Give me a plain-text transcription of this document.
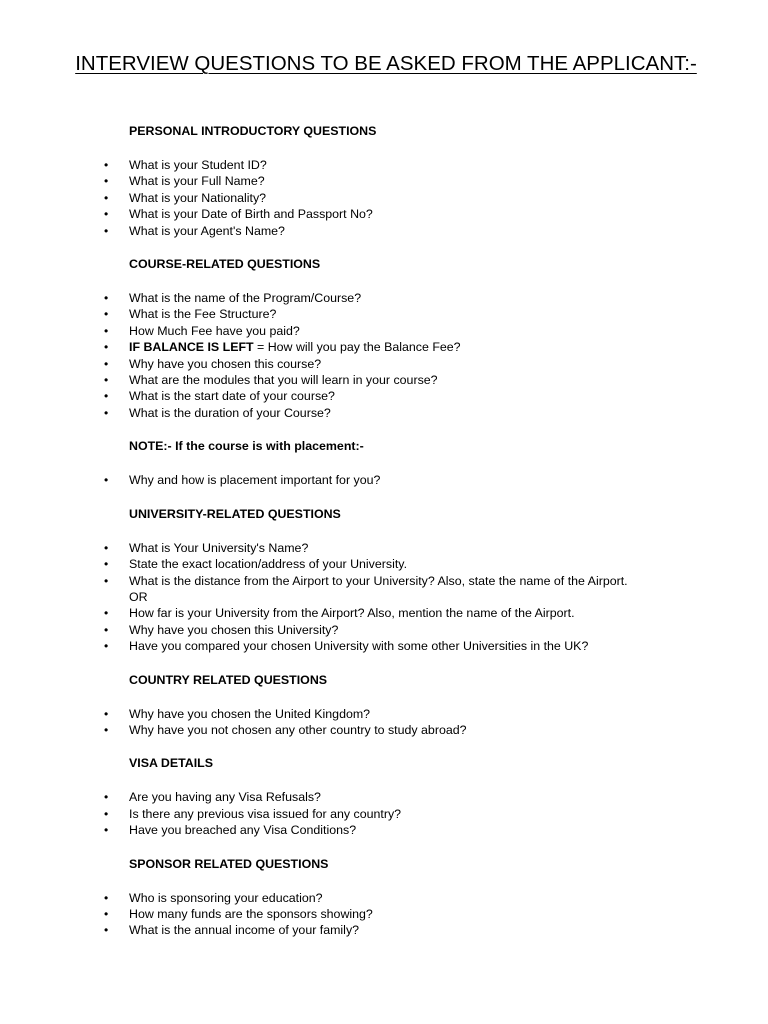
INTERVIEW QUESTIONS TO BE ASKED FROM THE APPLICANT:-
PERSONAL INTRODUCTORY QUESTIONS
• What is your Student ID?
• What is your Full Name?
• What is your Nationality?
• What is your Date of Birth and Passport No?
• What is your Agent's Name?
COURSE-RELATED QUESTIONS
• What is the name of the Program/Course?
• What is the Fee Structure?
• How Much Fee have you paid?
• IF BALANCE IS LEFT = How will you pay the Balance Fee?
• Why have you chosen this course?
• What are the modules that you will learn in your course?
• What is the start date of your course?
• What is the duration of your Course?
NOTE:- If the course is with placement:-
• Why and how is placement important for you?
UNIVERSITY-RELATED QUESTIONS
• What is Your University's Name?
• State the exact location/address of your University.
• What is the distance from the Airport to your University? Also, state the name of the Airport.
OR
• How far is your University from the Airport? Also, mention the name of the Airport.
• Why have you chosen this University?
• Have you compared your chosen University with some other Universities in the UK?
COUNTRY RELATED QUESTIONS
• Why have you chosen the United Kingdom?
• Why have you not chosen any other country to study abroad?
VISA DETAILS
• Are you having any Visa Refusals?
• Is there any previous visa issued for any country?
• Have you breached any Visa Conditions?
SPONSOR RELATED QUESTIONS
• Who is sponsoring your education?
• How many funds are the sponsors showing?
• What is the annual income of your family?
